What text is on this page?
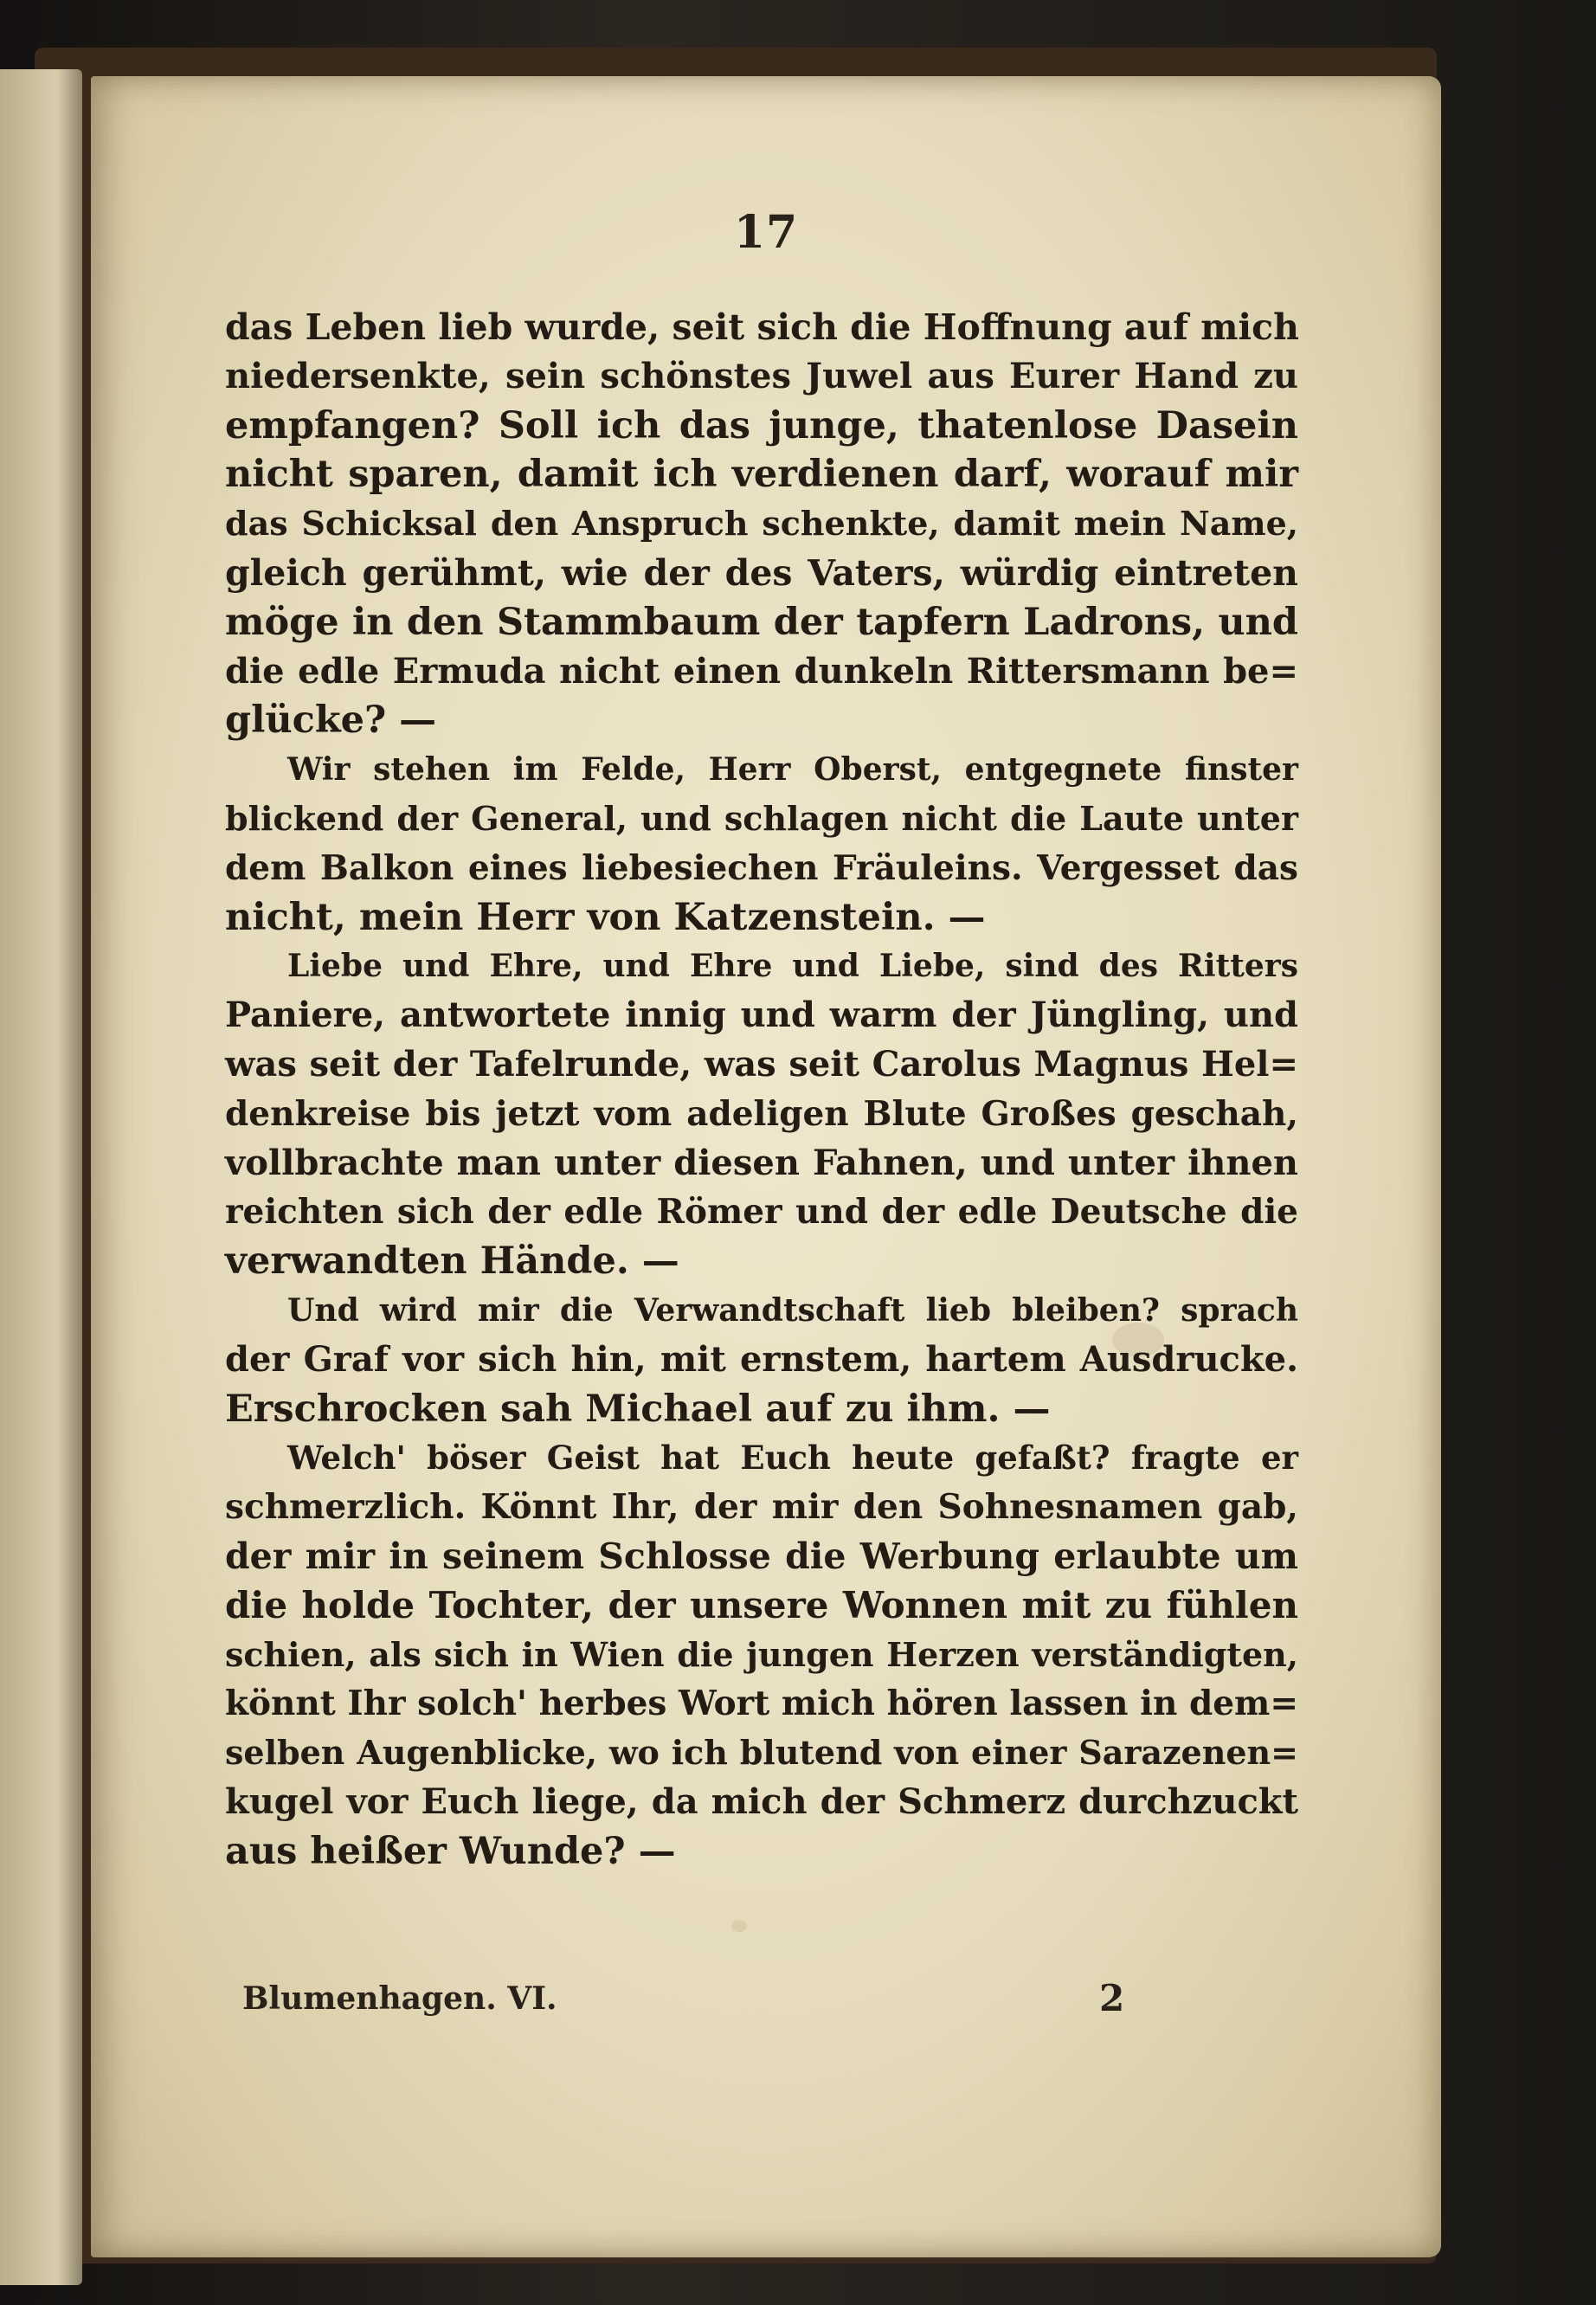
17
das Leben lieb wurde, seit sich die Hoffnung auf mich
niedersenkte, sein schönstes Juwel aus Eurer Hand zu
empfangen? Soll ich das junge, thatenlose Dasein
nicht sparen, damit ich verdienen darf, worauf mir
das Schicksal den Anspruch schenkte, damit mein Name,
gleich gerühmt, wie der des Vaters, würdig eintreten
möge in den Stammbaum der tapfern Ladrons, und
die edle Ermuda nicht einen dunkeln Rittersmann be=
glücke? —
Wir stehen im Felde, Herr Oberst, entgegnete finster
blickend der General, und schlagen nicht die Laute unter
dem Balkon eines liebesiechen Fräuleins. Vergesset das
nicht, mein Herr von Katzenstein. —
Liebe und Ehre, und Ehre und Liebe, sind des Ritters
Paniere, antwortete innig und warm der Jüngling, und
was seit der Tafelrunde, was seit Carolus Magnus Hel=
denkreise bis jetzt vom adeligen Blute Großes geschah,
vollbrachte man unter diesen Fahnen, und unter ihnen
reichten sich der edle Römer und der edle Deutsche die
verwandten Hände. —
Und wird mir die Verwandtschaft lieb bleiben? sprach
der Graf vor sich hin, mit ernstem, hartem Ausdrucke.
Erschrocken sah Michael auf zu ihm. —
Welch' böser Geist hat Euch heute gefaßt? fragte er
schmerzlich. Könnt Ihr, der mir den Sohnesnamen gab,
der mir in seinem Schlosse die Werbung erlaubte um
die holde Tochter, der unsere Wonnen mit zu fühlen
schien, als sich in Wien die jungen Herzen verständigten,
könnt Ihr solch' herbes Wort mich hören lassen in dem=
selben Augenblicke, wo ich blutend von einer Sarazenen=
kugel vor Euch liege, da mich der Schmerz durchzuckt
aus heißer Wunde? —
Blumenhagen. VI.	2
